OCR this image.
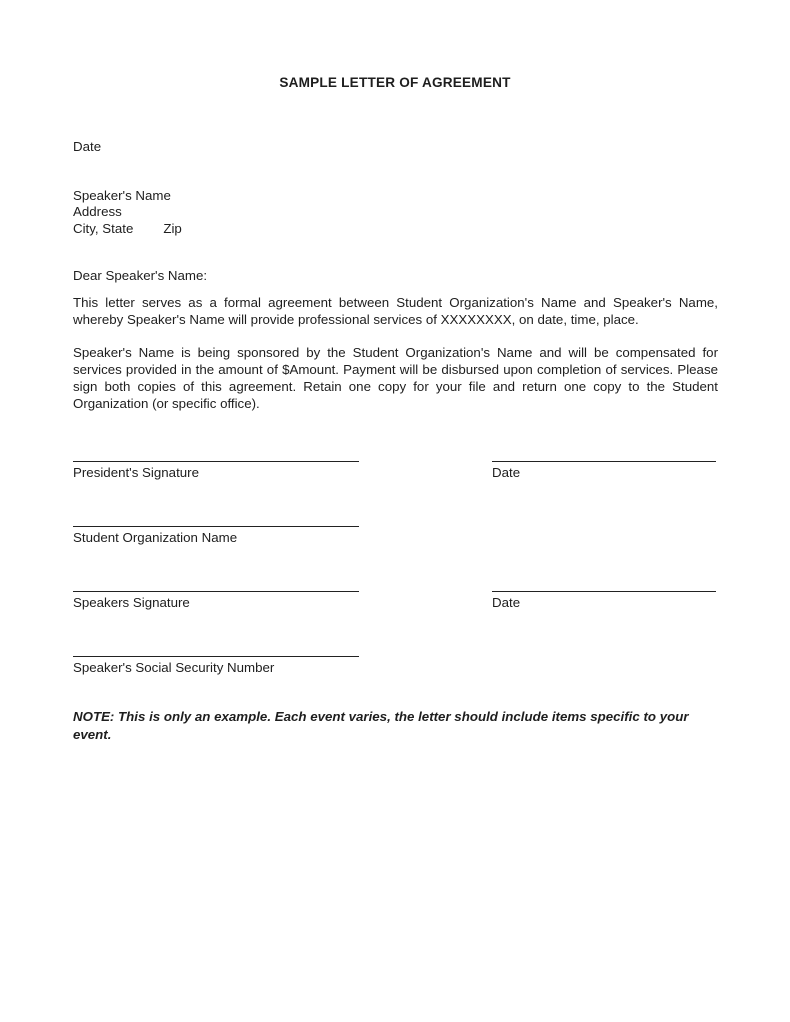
SAMPLE LETTER OF AGREEMENT
Date
Speaker's Name
Address
City, State Zip
Dear Speaker's Name:
This letter serves as a formal agreement between Student Organization's Name and Speaker's Name, whereby Speaker's Name will provide professional services of XXXXXXXX, on date, time, place.
Speaker's Name is being sponsored by the Student Organization's Name and will be compensated for services provided in the amount of $Amount. Payment will be disbursed upon completion of services. Please sign both copies of this agreement. Retain one copy for your file and return one copy to the Student Organization (or specific office).
President's Signature	Date
Student Organization Name
Speakers Signature	Date
Speaker's Social Security Number
NOTE: This is only an example. Each event varies, the letter should include items specific to your event.
